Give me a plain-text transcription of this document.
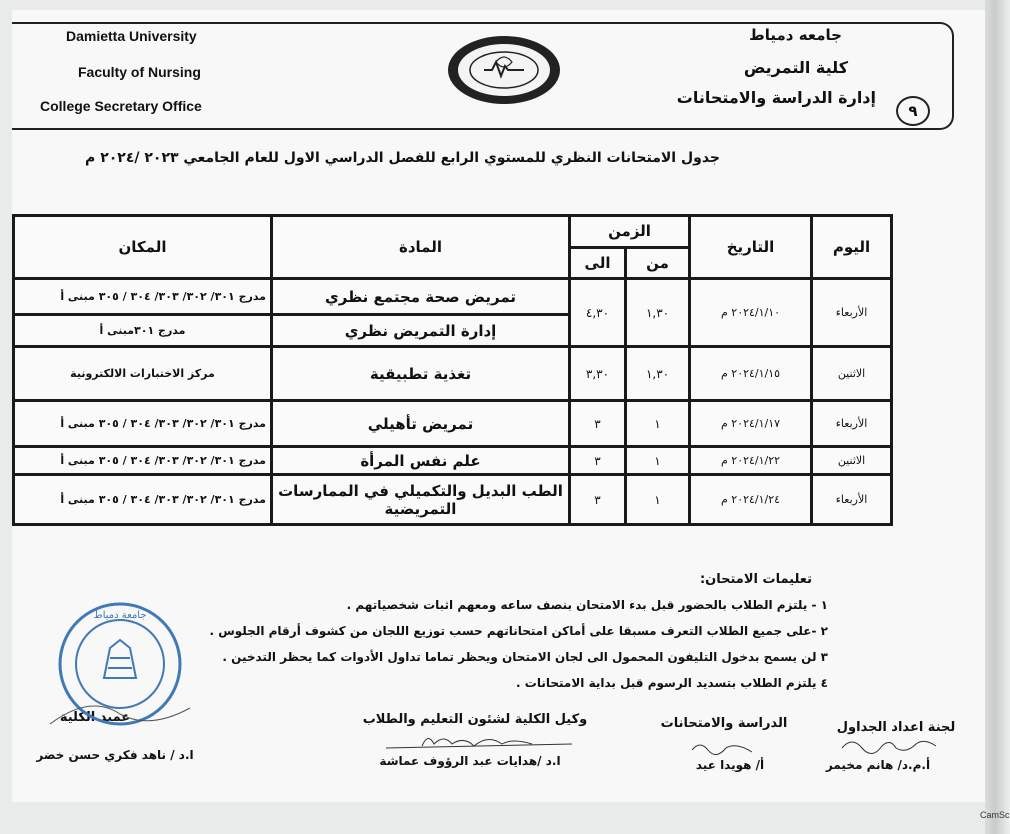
Damietta University
Faculty of Nursing
College Secretary Office
جامعه دمياط
كلية التمريض
إدارة الدراسة والامتحانات
٩
جدول الامتحانات النظري للمستوي الرابع للفصل الدراسي الاول للعام الجامعي ٢٠٢٣ /٢٠٢٤ م
اليوم	التاريخ	الزمن		المادة	المكان
		من	الى		
الأربعاء	٢٠٢٤/١/١٠ م	١,٣٠	٤,٣٠	تمريض صحة مجتمع نظري	مدرج ٣٠١/ ٣٠٢/ ٣٠٣/ ٣٠٤ / ٣٠٥ مبنى أ
				إدارة التمريض نظري	مدرج ٣٠١مبنى أ
الاثنين	٢٠٢٤/١/١٥ م	١,٣٠	٣,٣٠	تغذية تطبيقية	مركز الاختبارات الالكترونية
الأربعاء	٢٠٢٤/١/١٧ م	١	٣	تمريض تأهيلي	مدرج ٣٠١/ ٣٠٢/ ٣٠٣/ ٣٠٤ / ٣٠٥ مبنى أ
الاثنين	٢٠٢٤/١/٢٢ م	١	٣	علم نفس المرأة	مدرج ٣٠١/ ٣٠٢/ ٣٠٣/ ٣٠٤ / ٣٠٥ مبنى أ
الأربعاء	٢٠٢٤/١/٢٤ م	١	٣	الطب البديل والتكميلي في الممارسات التمريضية	مدرج ٣٠١/ ٣٠٢/ ٣٠٣/ ٣٠٤ / ٣٠٥ مبنى أ
تعليمات الامتحان:
١ - يلتزم الطلاب بالحضور قبل بدء الامتحان بنصف ساعه ومعهم اثبات شخصياتهم .
٢ -على جميع الطلاب التعرف مسبقا على أماكن امتحاناتهم حسب توزيع اللجان من كشوف أرقام الجلوس .
٣ لن يسمح بدخول التليفون المحمول الى لجان الامتحان ويحظر تماما تداول الأدوات كما يحظر التدخين .
٤ يلتزم الطلاب بتسديد الرسوم قبل بداية الامتحانات .
لجنة اعداد الجداول
أ.م.د/ هانم مخيمر
الدراسة والامتحانات
أ/ هويدا عيد
وكيل الكلية لشئون التعليم والطلاب
ا.د /هدايات عبد الرؤوف عماشة
عميد الكلية
ا.د / ناهد فكري حسن خضر
جامعة دمياط
CamSc
